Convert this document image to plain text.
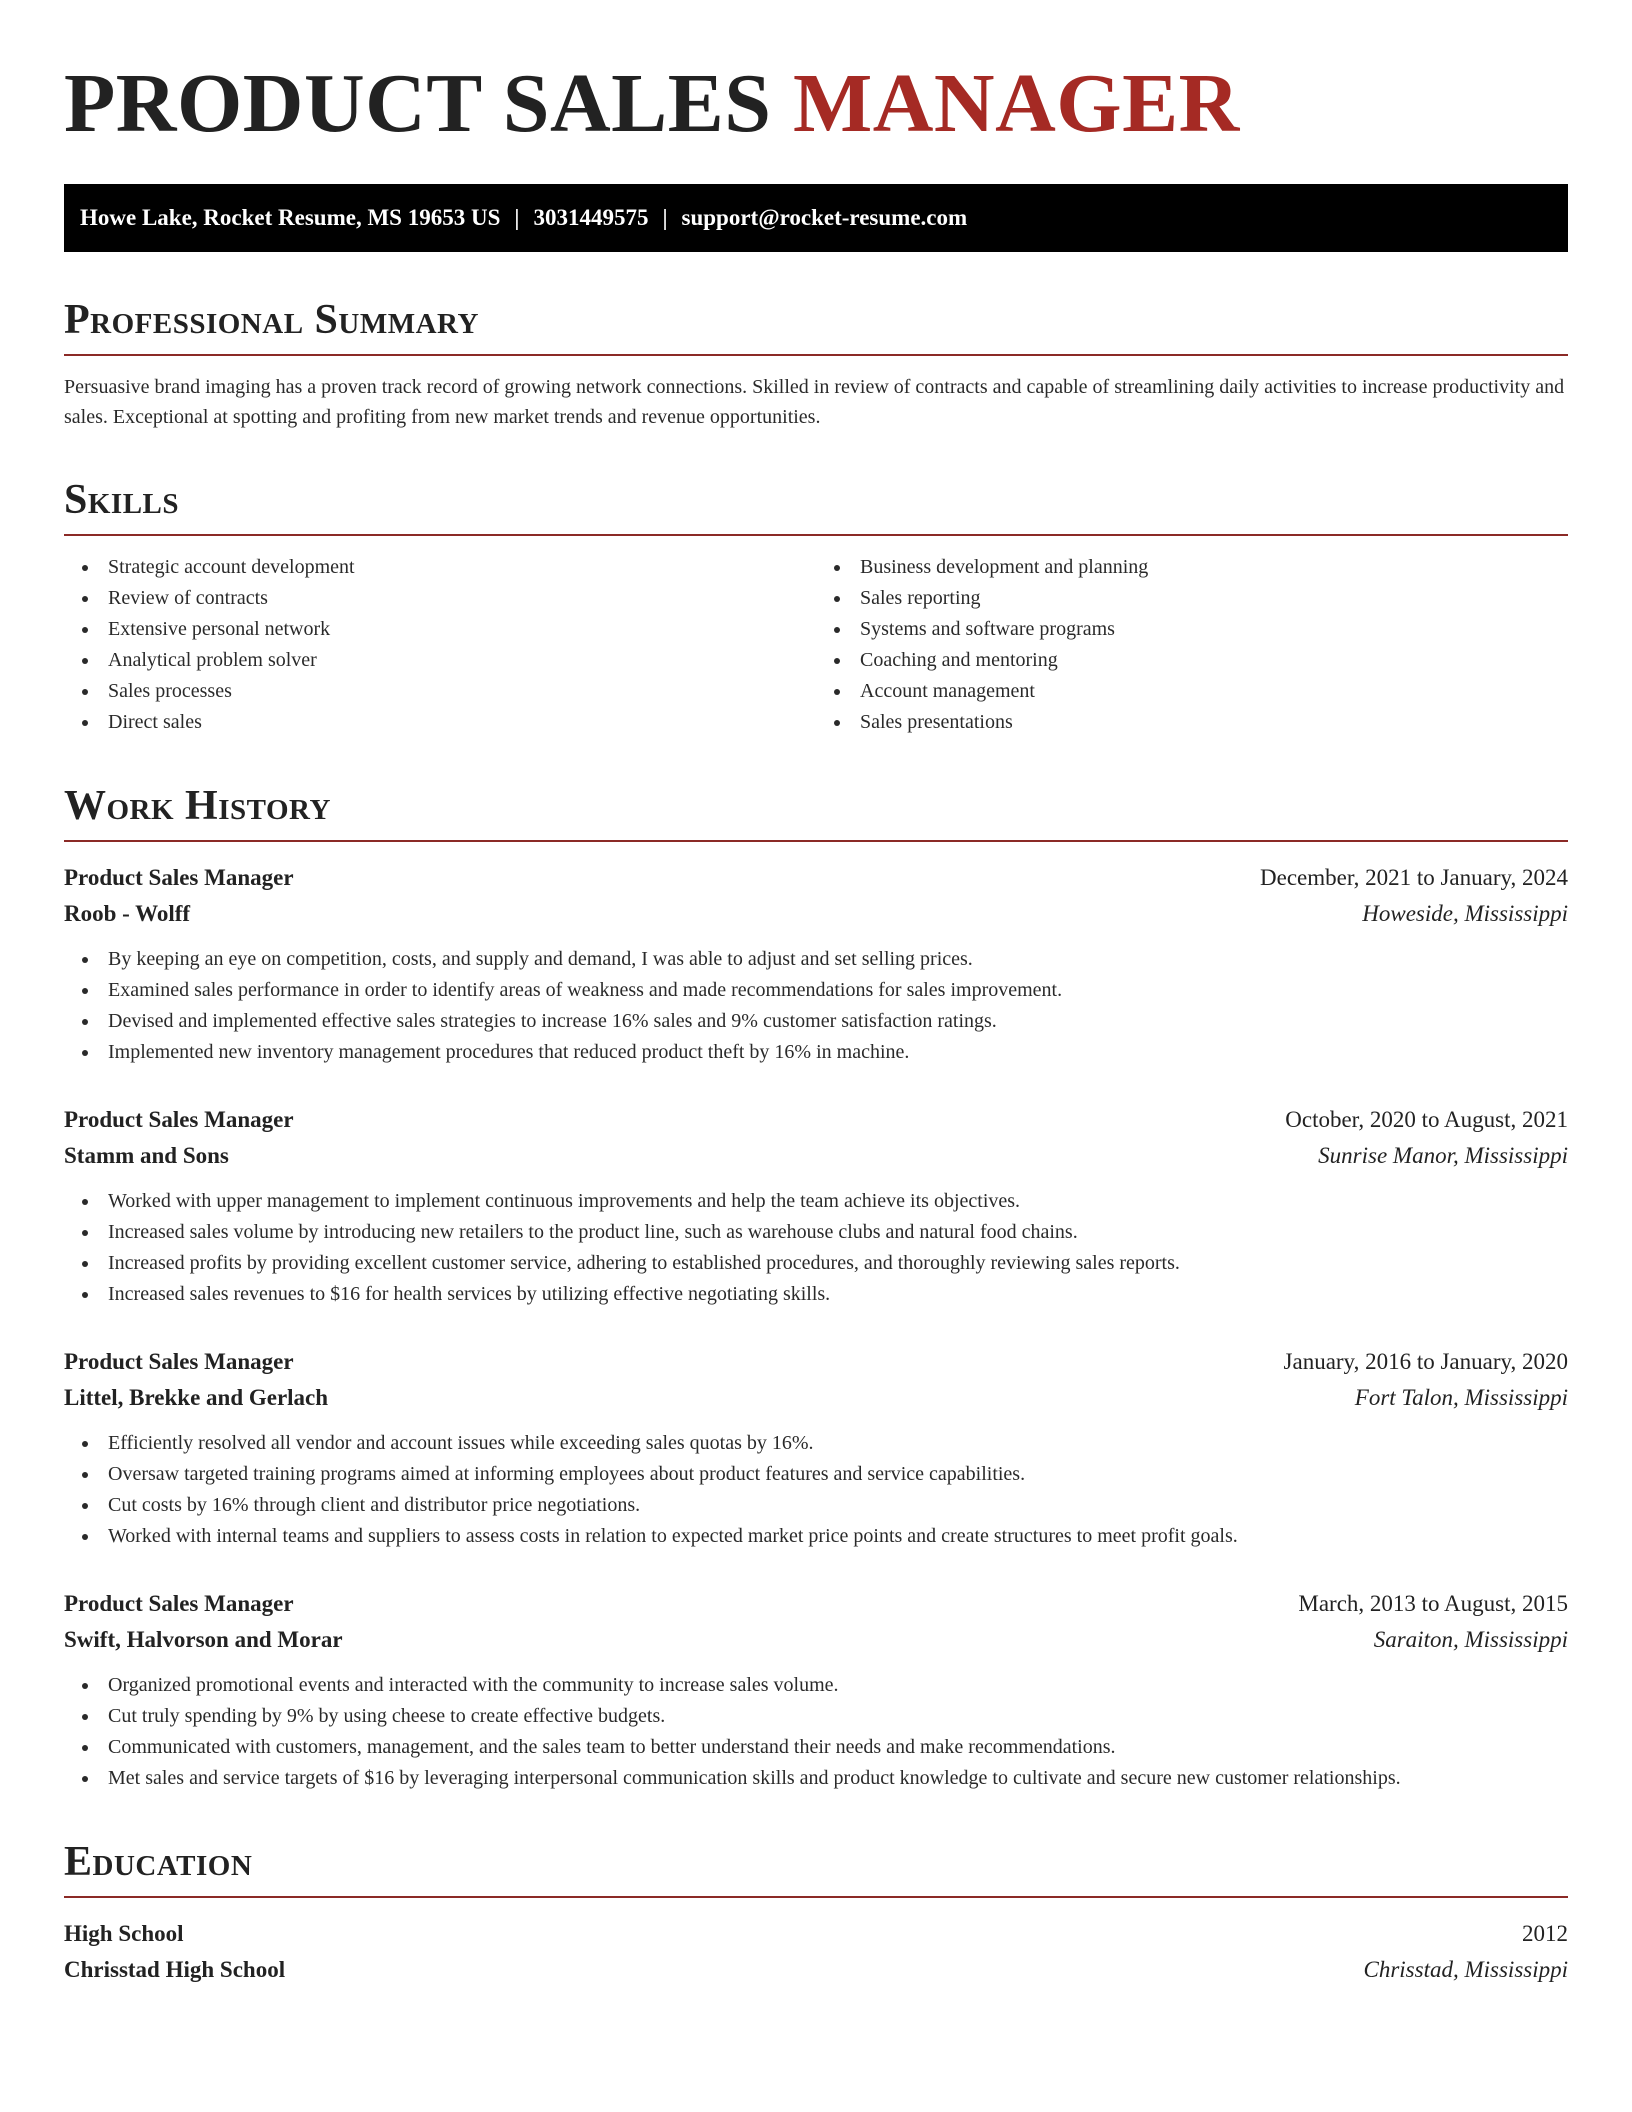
PRODUCT SALES MANAGER
Howe Lake, Rocket Resume, MS 19653 US | 3031449575 | support@rocket-resume.com
Professional Summary

Persuasive brand imaging has a proven track record of growing network connections. Skilled in review of contracts and capable of streamlining daily activities to increase productivity and sales. Exceptional at spotting and profiting from new market trends and revenue opportunities.

Skills
Strategic account development
Review of contracts
Extensive personal network
Analytical problem solver
Sales processes
Direct sales
Business development and planning
Sales reporting
Systems and software programs
Coaching and mentoring
Account management
Sales presentations
Work History
Product Sales Manager	December, 2021 to January, 2024
Roob - Wolff	Howeside, Mississippi
By keeping an eye on competition, costs, and supply and demand, I was able to adjust and set selling prices.
Examined sales performance in order to identify areas of weakness and made recommendations for sales improvement.
Devised and implemented effective sales strategies to increase 16% sales and 9% customer satisfaction ratings.
Implemented new inventory management procedures that reduced product theft by 16% in machine.
Product Sales Manager	October, 2020 to August, 2021
Stamm and Sons	Sunrise Manor, Mississippi
Worked with upper management to implement continuous improvements and help the team achieve its objectives.
Increased sales volume by introducing new retailers to the product line, such as warehouse clubs and natural food chains.
Increased profits by providing excellent customer service, adhering to established procedures, and thoroughly reviewing sales reports.
Increased sales revenues to $16 for health services by utilizing effective negotiating skills.
Product Sales Manager	January, 2016 to January, 2020
Littel, Brekke and Gerlach	Fort Talon, Mississippi
Efficiently resolved all vendor and account issues while exceeding sales quotas by 16%.
Oversaw targeted training programs aimed at informing employees about product features and service capabilities.
Cut costs by 16% through client and distributor price negotiations.
Worked with internal teams and suppliers to assess costs in relation to expected market price points and create structures to meet profit goals.
Product Sales Manager	March, 2013 to August, 2015
Swift, Halvorson and Morar	Saraiton, Mississippi
Organized promotional events and interacted with the community to increase sales volume.
Cut truly spending by 9% by using cheese to create effective budgets.
Communicated with customers, management, and the sales team to better understand their needs and make recommendations.
Met sales and service targets of $16 by leveraging interpersonal communication skills and product knowledge to cultivate and secure new customer relationships.
Education
High School	2012
Chrisstad High School	Chrisstad, Mississippi
